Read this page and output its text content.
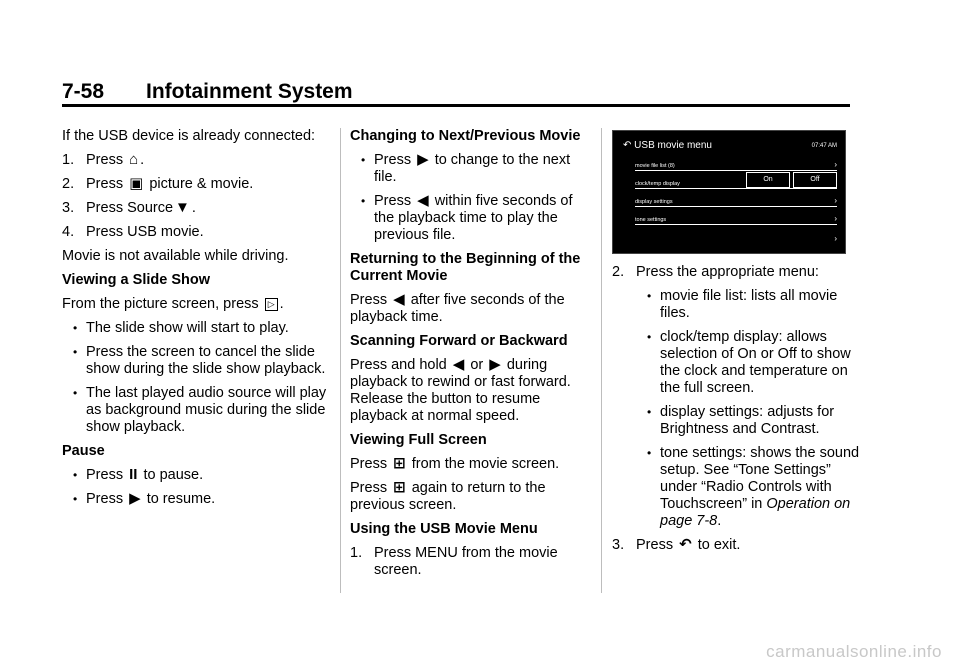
7-58 Infotainment System

If the USB device is already connected:

1. Press ⌂ .
2. Press ▣ picture & movie.
3. Press Source ▼ .
4. Press USB movie.

Movie is not available while driving.

Viewing a Slide Show

From the picture screen, press ▷ .

• The slide show will start to play.
• Press the screen to cancel the slide show during the slide show playback.
• The last played audio source will play as background music during the slide show playback.

Pause

• Press II to pause.
• Press ▶ to resume.

Changing to Next/Previous Movie

• Press ▶ to change to the next file.
• Press ◀ within five seconds of the playback time to play the previous file.

Returning to the Beginning of the Current Movie

Press ◀ after five seconds of the playback time.

Scanning Forward or Backward

Press and hold ◀ or ▶ during playback to rewind or fast forward. Release the button to resume playback at normal speed.

Viewing Full Screen

Press ⊞ from the movie screen.

Press ⊞ again to return to the previous screen.

Using the USB Movie Menu

1. Press MENU from the movie screen.
↶ USB movie menu	07:47 AM
movie file list (8)	›
clock/temp display
On	Off
display settings	›
tone settings	›
›
2. Press the appropriate menu:
• movie file list: lists all movie files.
• clock/temp display: allows selection of On or Off to show the clock and temperature on the full screen.
• display settings: adjusts for Brightness and Contrast.
• tone settings: shows the sound setup. See “Tone Settings” under “Radio Controls with Touchscreen” in Operation on page 7-8.
3. Press ↶ to exit.
carmanualsonline.info
